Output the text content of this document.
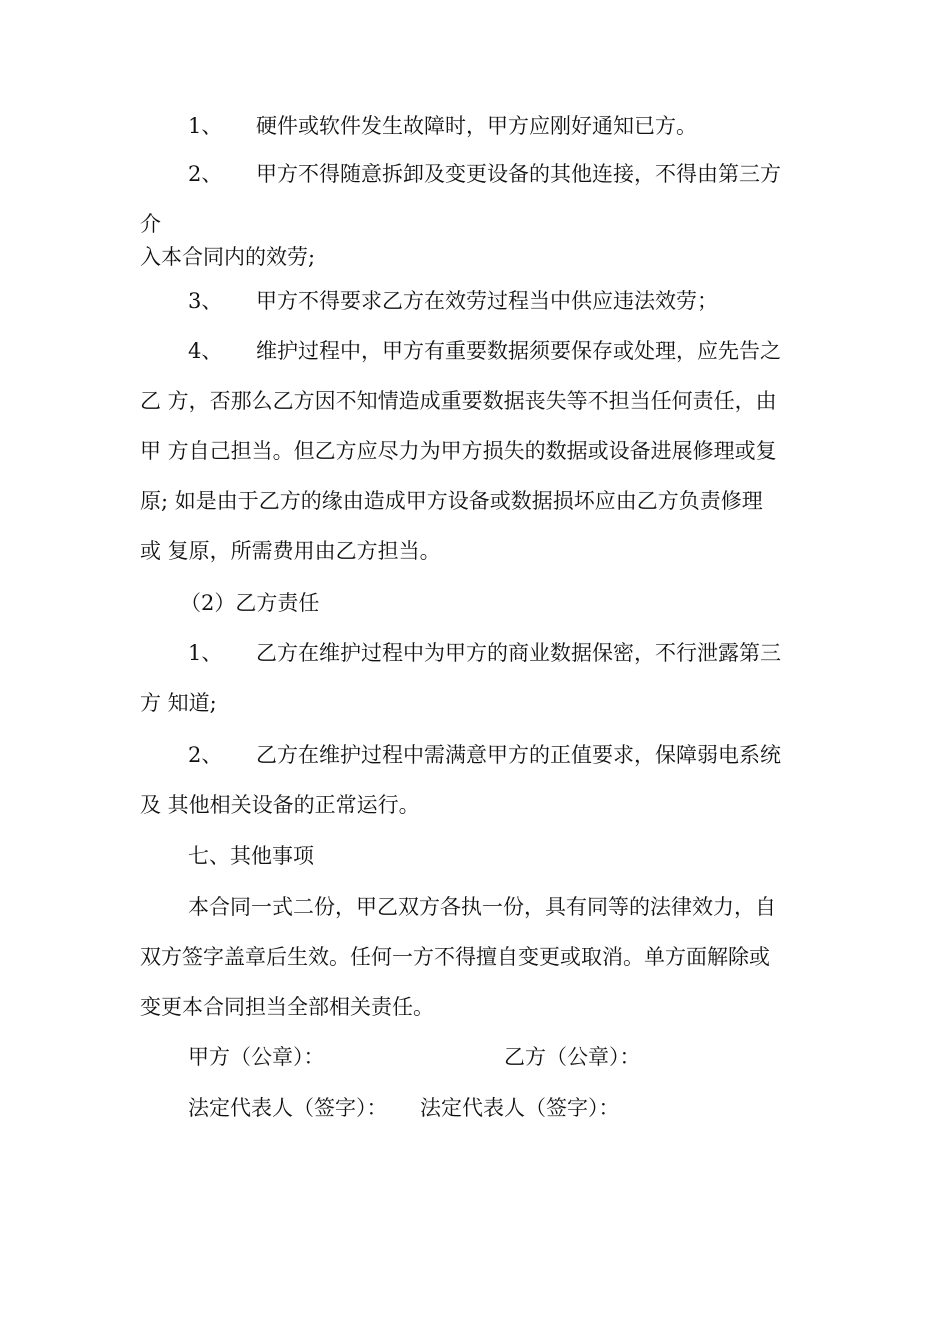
1、 硬件或软件发生故障时，甲方应刚好通知已方。
2、 甲方不得随意拆卸及变更设备的其他连接，不得由第三方
介
入本合同内的效劳;
3、 甲方不得要求乙方在效劳过程当中供应违法效劳；
4、 维护过程中，甲方有重要数据须要保存或处理，应先告之
乙 方，否那么乙方因不知情造成重要数据丧失等不担当任何责任，由
甲 方自己担当。但乙方应尽力为甲方损失的数据或设备进展修理或复
原; 如是由于乙方的缘由造成甲方设备或数据损坏应由乙方负责修理
或 复原，所需费用由乙方担当。
（2）乙方责任
1、 乙方在维护过程中为甲方的商业数据保密，不行泄露第三
方 知道;
2、 乙方在维护过程中需满意甲方的正值要求，保障弱电系统
及 其他相关设备的正常运行。
七、其他事项
本合同一式二份，甲乙双方各执一份，具有同等的法律效力，自
双方签字盖章后生效。任何一方不得擅自变更或取消。单方面解除或
变更本合同担当全部相关责任。
甲方（公章）：	乙方（公章）：
法定代表人（签字）： 法定代表人（签字）：
